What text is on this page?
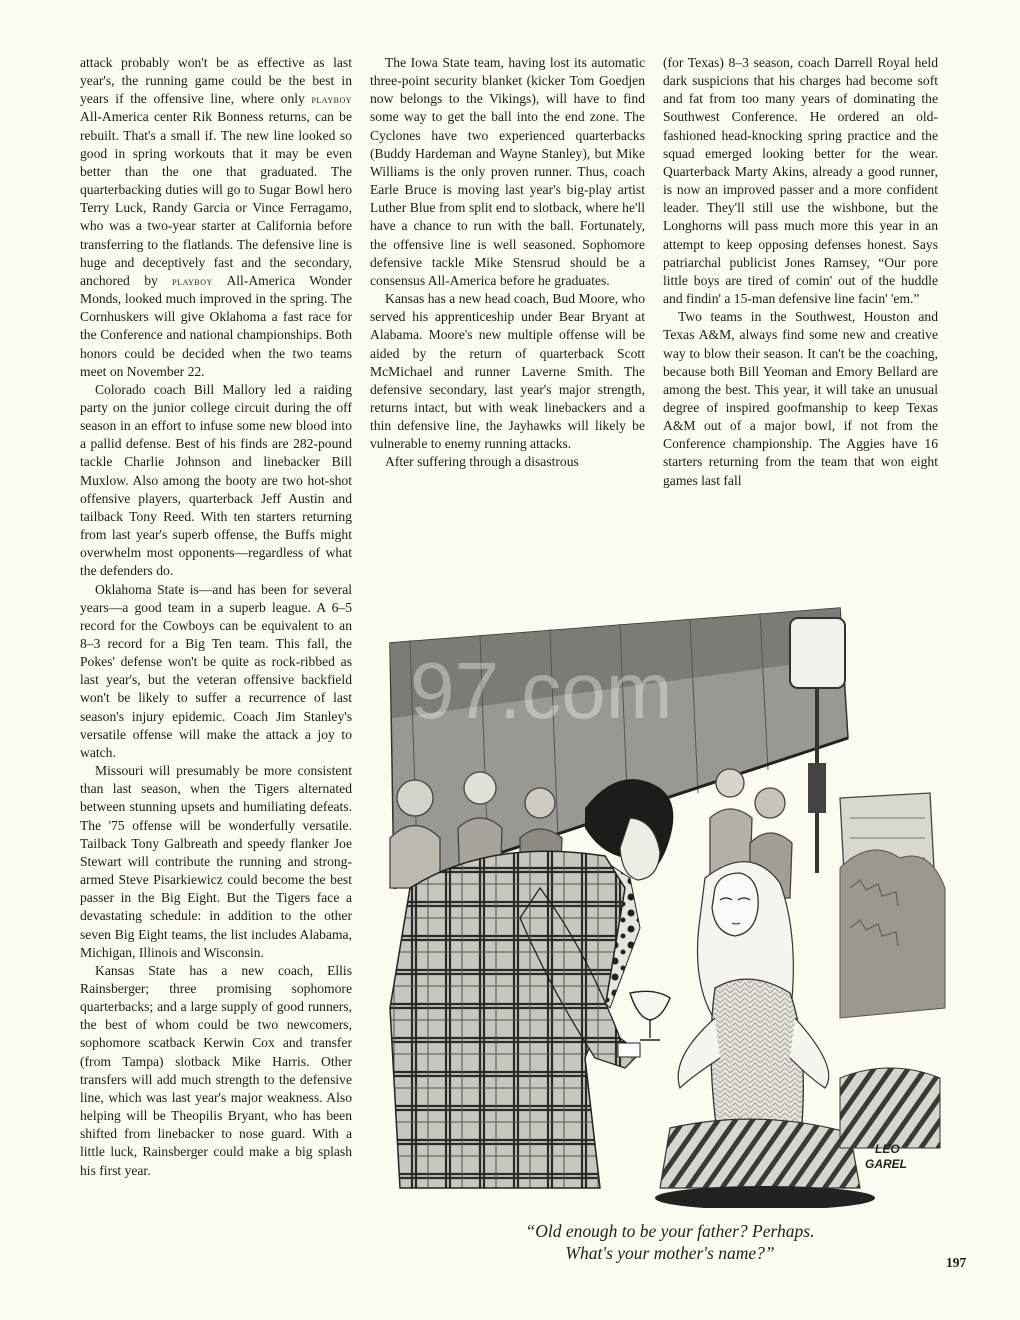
attack probably won't be as effective as last year's, the running game could be the best in years if the offensive line, where only playboy All-America center Rik Bonness returns, can be rebuilt. That's a small if. The new line looked so good in spring workouts that it may be even better than the one that graduated. The quarterbacking duties will go to Sugar Bowl hero Terry Luck, Randy Garcia or Vince Ferragamo, who was a two-year starter at California before transferring to the flatlands. The defensive line is huge and deceptively fast and the secondary, anchored by playboy All-America Wonder Monds, looked much improved in the spring. The Cornhuskers will give Oklahoma a fast race for the Conference and national championships. Both honors could be decided when the two teams meet on November 22.

Colorado coach Bill Mallory led a raiding party on the junior college circuit during the off season in an effort to infuse some new blood into a pallid defense. Best of his finds are 282-pound tackle Charlie Johnson and linebacker Bill Muxlow. Also among the booty are two hot-shot offensive players, quarterback Jeff Austin and tailback Tony Reed. With ten starters returning from last year's superb offense, the Buffs might overwhelm most opponents—regardless of what the defenders do.

Oklahoma State is—and has been for several years—a good team in a superb league. A 6–5 record for the Cowboys can be equivalent to an 8–3 record for a Big Ten team. This fall, the Pokes' defense won't be quite as rock-ribbed as last year's, but the veteran offensive backfield won't be likely to suffer a recurrence of last season's injury epidemic. Coach Jim Stanley's versatile offense will make the attack a joy to watch.

Missouri will presumably be more consistent than last season, when the Tigers alternated between stunning upsets and humiliating defeats. The '75 offense will be wonderfully versatile. Tailback Tony Galbreath and speedy flanker Joe Stewart will contribute the running and strong-armed Steve Pisarkiewicz could become the best passer in the Big Eight. But the Tigers face a devastating schedule: in addition to the other seven Big Eight teams, the list includes Alabama, Michigan, Illinois and Wisconsin.

Kansas State has a new coach, Ellis Rainsberger; three promising sophomore quarterbacks; and a large supply of good runners, the best of whom could be two newcomers, sophomore scatback Kerwin Cox and transfer (from Tampa) slotback Mike Harris. Other transfers will add much strength to the defensive line, which was last year's major weakness. Also helping will be Theopilis Bryant, who has been shifted from linebacker to nose guard. With a little luck, Rainsberger could make a big splash his first year.

The Iowa State team, having lost its automatic three-point security blanket (kicker Tom Goedjen now belongs to the Vikings), will have to find some way to get the ball into the end zone. The Cyclones have two experienced quarterbacks (Buddy Hardeman and Wayne Stanley), but Mike Williams is the only proven runner. Thus, coach Earle Bruce is moving last year's big-play artist Luther Blue from split end to slotback, where he'll have a chance to run with the ball. Fortunately, the offensive line is well seasoned. Sophomore defensive tackle Mike Stensrud should be a consensus All-America before he graduates.

Kansas has a new head coach, Bud Moore, who served his apprenticeship under Bear Bryant at Alabama. Moore's new multiple offense will be aided by the return of quarterback Scott McMichael and runner Laverne Smith. The defensive secondary, last year's major strength, returns intact, but with weak linebackers and a thin defensive line, the Jayhawks will likely be vulnerable to enemy running attacks.

After suffering through a disastrous

(for Texas) 8–3 season, coach Darrell Royal held dark suspicions that his charges had become soft and fat from too many years of dominating the Southwest Conference. He ordered an old-fashioned head-knocking spring practice and the squad emerged looking better for the wear. Quarterback Marty Akins, already a good runner, is now an improved passer and a more confident leader. They'll still use the wishbone, but the Longhorns will pass much more this year in an attempt to keep opposing defenses honest. Says patriarchal publicist Jones Ramsey, “Our pore little boys are tired of comin' out of the huddle and findin' a 15-man defensive line facin' 'em.”

Two teams in the Southwest, Houston and Texas A&M, always find some new and creative way to blow their season. It can't be the coaching, because both Bill Yeoman and Emory Bellard are among the best. This year, it will take an unusual degree of inspired goofmanship to keep Texas A&M out of a major bowl, if not from the Conference championship. The Aggies have 16 starters returning from the team that won eight games last fall

97.com
LEO
GAREL
“Old enough to be your father? Perhaps.
What's your mother's name?”	197
